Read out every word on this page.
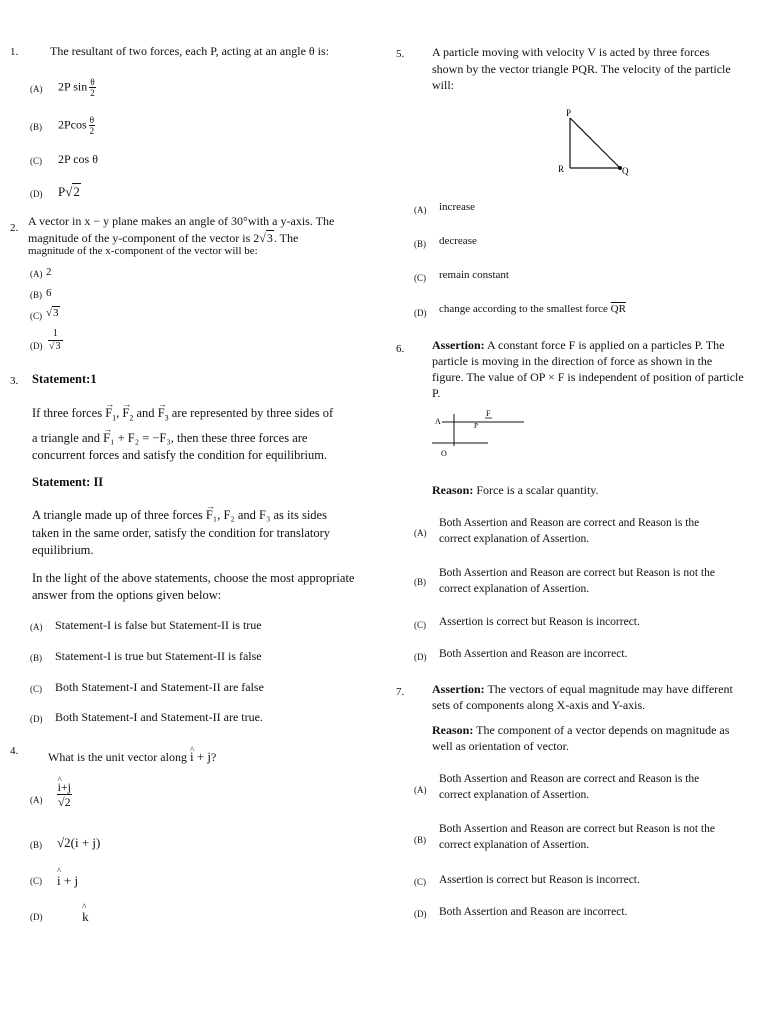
1.	The resultant of two forces, each P, acting at an angle θ is:
(A) 2P $\sin \frac{\theta}{2}$
(B) $2Pcos \frac{\theta}{2}$
(C) 2P cos θ
(D) P√2
2. A vector in x − y plane makes an angle of 30°with a y-axis. The
magnitude of the y-component of the vector is 2√3. The
magnitude of the x-component of the vector will be:
(A) 2
(B) 6
(C) √3
$(D) \frac{1}{√3}$
3. Statement:1
If three forces → $F_1$, → $F_2$ and → $F_3$ are represented by three sides of
a triangle and → F₁ + F₂ = −F₃, then these three forces are
concurrent forces and satisfy the condition for equilibrium.
Statement: II
A triangle made up of three forces → F₁, F₂ and F₃ as its sides
taken in the same order, satisfy the condition for translatory
equilibrium.
In the light of the above statements, choose the most appropriate
answer from the options given below:
(A) Statement-I is false but Statement-II is true
(B) Statement-I is true but Statement-II is false
(C) Both Statement-I and Statement-II are false
(D) Both Statement-I and Statement-II are true.
4. What is the unit vector along ^ i + j?
(A) ^ $\frac{i+j}{√2}$
(B) √2(i + j)
(C) ^ i + j
(D)	^ k
5. A particle moving with velocity V is acted by three forces
shown by the vector triangle PQR. The velocity of the particle
will:
P
R	Q
(A) increase
(B) decrease
(C) remain constant
(D) change according to the smallest force $\overline{QR}$
6. Assertion: A constant force F is applied on a particles P. The
particle is moving in the direction of force as shown in the
figure. The value of OP × F is independent of position of particle
P.
A
F
P
O
Reason: Force is a scalar quantity.
(A)
Both Assertion and Reason are correct and Reason is the
correct explanation of Assertion.
(B)
Both Assertion and Reason are correct but Reason is not the
correct explanation of Assertion.
(C) Assertion is correct but Reason is incorrect.
(D) Both Assertion and Reason are incorrect.
7. Assertion: The vectors of equal magnitude may have different
sets of components along X-axis and Y-axis.
Reason: The component of a vector depends on magnitude as
well as orientation of vector.
(A)
Both Assertion and Reason are correct and Reason is the
correct explanation of Assertion.
(B)
Both Assertion and Reason are correct but Reason is not the
correct explanation of Assertion.
(C) Assertion is correct but Reason is incorrect.
(D) Both Assertion and Reason are incorrect.
